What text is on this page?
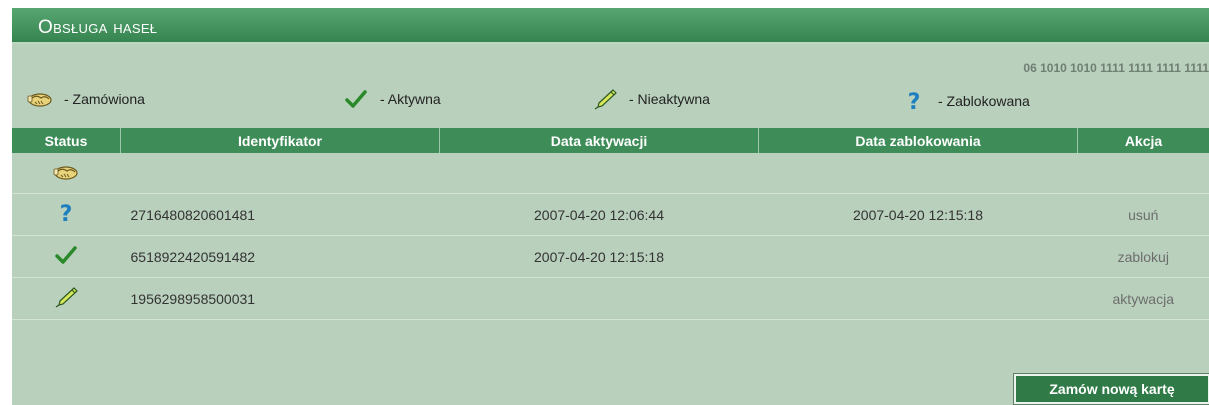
Obsługa haseł
06 1010 1010 1111 1111 1111 1111
- Zamówiona	- Aktywna	- Nieaktywna	? - Zablokowana
Status	Identyfikator	Data aktywacji	Data zablokowania	Akcja

?	2716480820601481	2007-04-20 12:06:44	2007-04-20 12:15:18	usuń

	6518922420591482	2007-04-20 12:15:18		zablokuj

	1956298958500031			aktywacja
Zamów nową kartę
